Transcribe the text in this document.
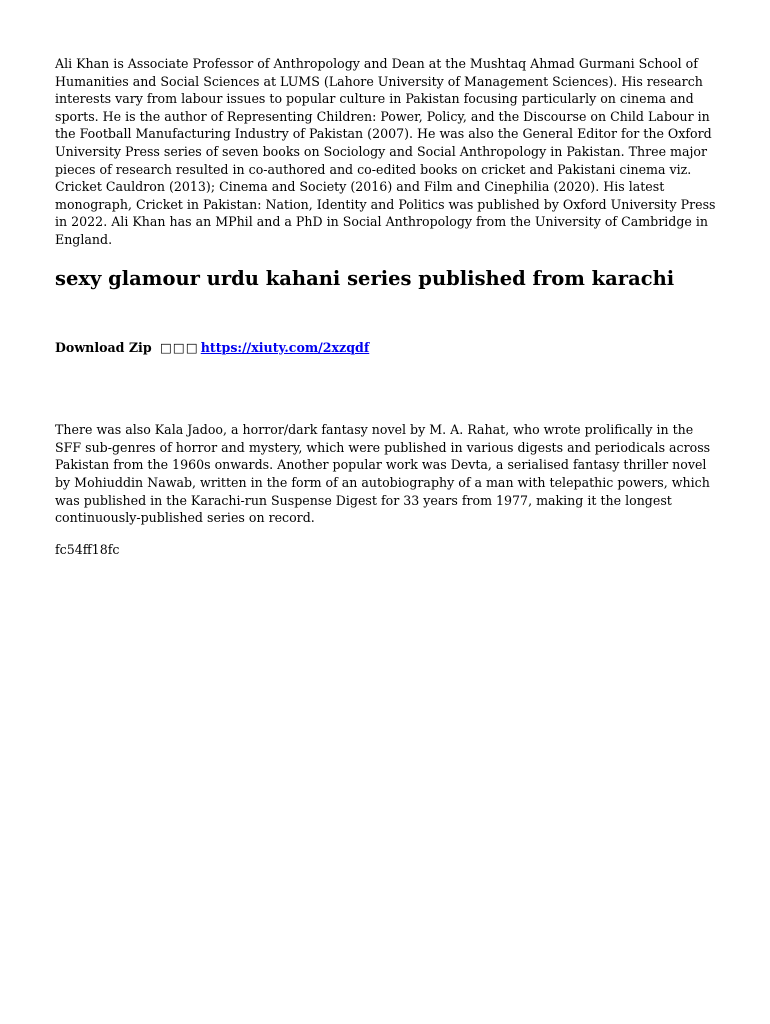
Ali Khan is Associate Professor of Anthropology and Dean at the Mushtaq Ahmad Gurmani School of Humanities and Social Sciences at LUMS (Lahore University of Management Sciences). His research interests vary from labour issues to popular culture in Pakistan focusing particularly on cinema and sports. He is the author of Representing Children: Power, Policy, and the Discourse on Child Labour in the Football Manufacturing Industry of Pakistan (2007). He was also the General Editor for the Oxford University Press series of seven books on Sociology and Social Anthropology in Pakistan. Three major pieces of research resulted in co-authored and co-edited books on cricket and Pakistani cinema viz. Cricket Cauldron (2013); Cinema and Society (2016) and Film and Cinephilia (2020). His latest monograph, Cricket in Pakistan: Nation, Identity and Politics was published by Oxford University Press in 2022. Ali Khan has an MPhil and a PhD in Social Anthropology from the University of Cambridge in England.

sexy glamour urdu kahani series published from karachi

Download Zip □□□ https://xiuty.com/2xzqdf

There was also Kala Jadoo, a horror/dark fantasy novel by M. A. Rahat, who wrote prolifically in the SFF sub-genres of horror and mystery, which were published in various digests and periodicals across Pakistan from the 1960s onwards. Another popular work was Devta, a serialised fantasy thriller novel by Mohiuddin Nawab, written in the form of an autobiography of a man with telepathic powers, which was published in the Karachi-run Suspense Digest for 33 years from 1977, making it the longest continuously-published series on record.

fc54ff18fc
